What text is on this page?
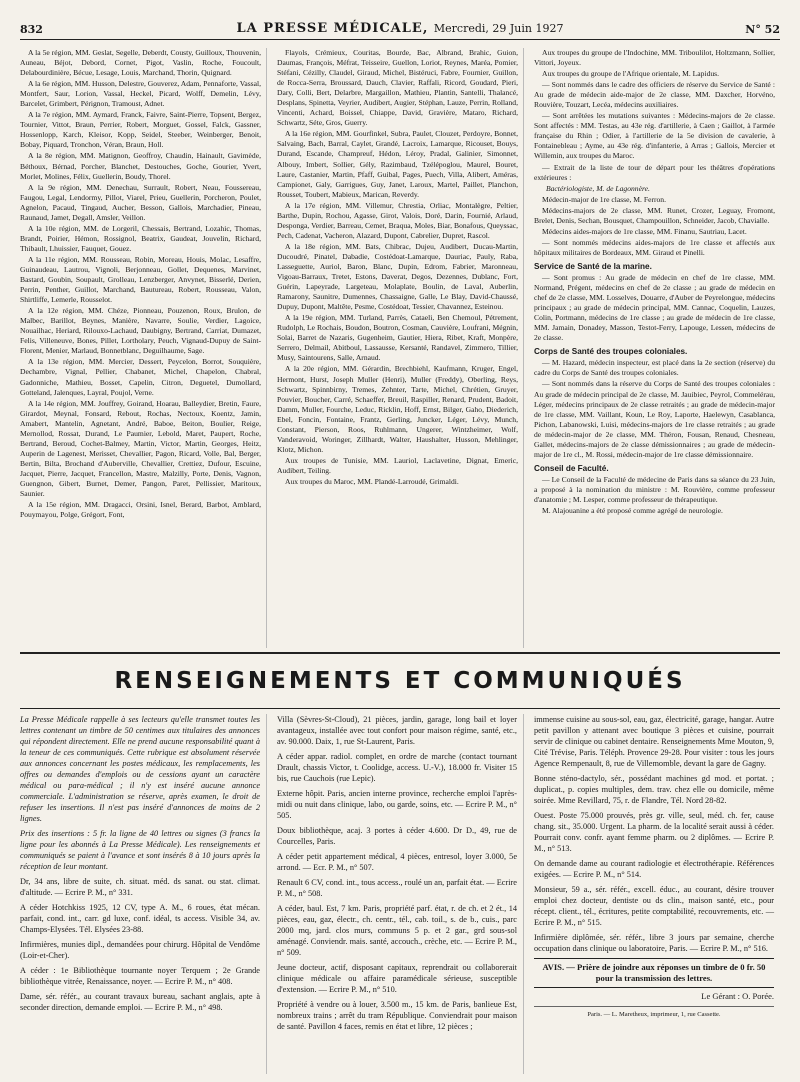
832	LA PRESSE MÉDICALE, Mercredi, 29 Juin 1927	N° 52

A la 5e région, MM. Geslat, Segelle, Deberdt, Cousty, Guilloux, Thouvenin, Auneau, Béjot, Debord, Cornet, Pigot, Vaslin, Roche, Foucoult, Delabourdinière, Bécue, Lesage, Louis, Marchand, Thorin, Quignard.

A la 6e région, MM. Husson, Delestre, Gouverez, Adam, Pennaforte, Vassal, Montfert, Saur, Lorion, Vassal, Heckel, Picard, Wolff, Demelin, Lévy, Barcelet, Grimbert, Pérignon, Tramoust, Adnet.

A la 7e région, MM. Aymard, Franck, Faivre, Saint-Pierre, Topsent, Bergez, Tournier, Vittot, Braun, Perrier, Robert, Morguet, Gossel, Falck, Gassner, Hossenlopp, Karch, Kleisor, Kopp, Seidel, Steeber, Weinberger, Benoit, Bobay, Piquard, Tronchon, Véran, Braun, Holl.

A la 8e région, MM. Matignon, Geoffroy, Chaudin, Hainault, Gavimède, Béthoux, Bérnad, Porcher, Blanchet, Destouches, Goche, Gourier, Yvert, Morlet, Molines, Félix, Guellerin, Boudy, Thorel.

A la 9e région, MM. Denechau, Surrault, Robert, Neau, Foussereau, Faugou, Legal, Lendormy, Pillot, Viarel, Prieu, Guellerin, Porcheron, Poulet, Agnelon, Pacaud, Tingaud, Aucher, Besson, Gallois, Marchadier, Pineau, Raunaud, Jamet, Degall, Amsler, Veillon.

A la 10e région, MM. de Lorgeril, Chessais, Bertrand, Lozahic, Thomas, Brandt, Poirier, Hémon, Rossignol, Beatrix, Gaudeat, Jouvelin, Richard, Thibault, Lhuissier, Fauquet, Gouez.

A la 11e région, MM. Rousseau, Robin, Moreau, Houis, Molac, Lesaffre, Guinaudeau, Lautrou, Vignoli, Berjonneau, Gollet, Dequenes, Marvinet, Bastard, Goubin, Soupault, Grolleau, Lenzberger, Anvynet, Bisserlé, Derien, Perrin, Penther, Guillot, Marchand, Bautureau, Robert, Rousseau, Valon, Shirtliffe, Lemerle, Rousselot.

A la 12e région, MM. Chéze, Pionneau, Pouzenon, Roux, Brulon, de Malbec, Barillot, Beynes, Manière, Navarre, Soulie, Verdier, Lagoice, Nouailhac, Heriard, Rilouxo-Lachaud, Daubigny, Bertrand, Carriat, Dumazet, Felis, Villeneuve, Bones, Pillet, Lortholary, Peuch, Vignaud-Dupuy de Saint-Florent, Menier, Marlaud, Bonnetblanc, Deguilhaume, Sage.

A la 13e région, MM. Mercier, Dessert, Peycelon, Borrot, Souquière, Dechambre, Vignal, Pellier, Chabanet, Michel, Chapelon, Chabral, Gadonniche, Mathieu, Bosset, Capelin, Citron, Deguetel, Dumollard, Gotteland, Jalenques, Layral, Poujol, Verne.

A la 14e région, MM. Jouffrey, Goirand, Hoarau, Balleydier, Bretin, Faure, Girardot, Meynal, Fonsard, Rebout, Rochas, Nectoux, Koentz, Jamin, Amabert, Mantelin, Agnetant, André, Baboe, Beiton, Boulier, Reige, Mernollod, Rossat, Durand, Le Paumier, Lebold, Maret, Paupert, Roche, Bertrand, Beroud, Cochet-Balmey, Martin, Victor, Martin, Georges, Heitz, Auperin de Lagenest, Merisset, Chevallier, Pagon, Ricard, Volle, Bal, Berger, Bertin, Bilta, Brochand d'Auberville, Chevallier, Crettiez, Dufour, Escuine, Jacquet, Pierre, Jacquet, Francellon, Mastre, Malzilly, Porte, Denis, Vagnon, Guengnon, Gibert, Burnet, Demer, Pangon, Paret, Pellissier, Maritoux, Saunier.

A la 15e région, MM. Dragacci, Orsini, Isnel, Berard, Barbot, Amblard, Pouymayou, Polge, Grégort, Font,

Flayols, Crémieux, Couritas, Bourde, Bac, Albrand, Brahic, Guion, Daumas, François, Méfrat, Teisseire, Guellon, Loriot, Reynes, Maréa, Pomier, Stéfani, Cézilly, Claudel, Giraud, Michel, Bistéruci, Fabre, Fournier, Guillon, de Rocca-Serra, Broussard, Dauch, Clavier, Raffali, Ricord, Goudard, Pieri, Dary, Colli, Bert, Delarbre, Margaillon, Mathieu, Plantin, Santelli, Thalancé, Desplans, Spinetta, Veyrier, Audibert, Augier, Stéphan, Lauze, Perrin, Rolland, Vincenti, Achard, Boissel, Chiappe, David, Gravière, Mataro, Richard, Schwartz, Séte, Gros, Guerry.

A la 16e région, MM. Gourfinkel, Subra, Paulet, Clouzet, Perdoyre, Bonnet, Salvaing, Bach, Barral, Caylet, Grandé, Lacroix, Lamarque, Ricouset, Bouys, Durand, Escande, Champreuf, Hédon, Léroy, Pradal, Galinier, Simonnet, Albouy, Imbert, Sollier, Gély, Razimbaud, Tzélépoglou, Maurel, Bouret, Laure, Castanier, Martin, Pfaff, Guibal, Pages, Puech, Villa, Alibert, Améras, Campionet, Galy, Garrigues, Guy, Janet, Laroux, Martel, Paillet, Planchon, Rousset, Toubert, Mabieux, Marican, Reverdy.

A la 17e région, MM. Villemur, Chrestia, Orliac, Montalègre, Peltier, Barthe, Dupin, Rochou, Agasse, Girot, Valois, Doré, Darin, Fournié, Arlaud, Desponga, Verdier, Barreau, Cemet, Braqua, Moles, Biar, Bonafous, Queyssac, Pech, Cadenat, Vacheron, Alazard, Dupont, Cabrelier, Dupret, Rascol.

A la 18e région, MM. Bats, Chibrac, Dujeu, Audibert, Ducau-Martin, Ducoudré, Pinatel, Dabadie, Costédoat-Lamarque, Dauriac, Pauly, Raba, Lasseguette, Auriol, Baron, Blanc, Dupin, Edrom, Fabrier, Maronneau, Vigoau-Barraux, Tretet, Estons, Daverat, Degos, Dezennes, Dublanc, Fort, Guérin, Lapeyrade, Largeteau, Molaplate, Boulin, de Laval, Auberlin, Ramarony, Saunitre, Dumennes, Chassaigne, Galle, Le Blay, David-Chaussé, Dupuy, Dupont, Maltête, Pesme, Costédoat, Tessier, Chavannez, Esteinou.

A la 19e région, MM. Turland, Parrès, Cataeli, Ben Chemoul, Pétrement, Rudolph, Le Rochais, Boudon, Boutron, Cosman, Cauvière, Loufrani, Mégnin, Solai, Barret de Nazaris, Gugenheim, Gautier, Hiera, Ribet, Kraft, Monpère, Serrero, Delmail, Abitboul, Lassausse, Kersanté, Randavel, Zimmero, Tillier, Musy, Saintourens, Salle, Arnaud.

A la 20e région, MM. Gérardin, Brechbiehl, Kaufmann, Kruger, Engel, Hermont, Hurst, Joseph Muller (Henri), Muller (Freddy), Oberling, Reys, Schwartz, Spinnbirny, Tremes, Zehnter, Tarte, Michel, Chrétien, Gruyer, Pouvier, Boucher, Carré, Schaeffer, Breuil, Raspiller, Renard, Prudent, Badoit, Damm, Muller, Fourche, Leduc, Ricklin, Hoff, Ernst, Bilger, Gaho, Diederich, Ebel, Foncin, Fontaine, Frantz, Gerling, Juncker, Léger, Lévy, Munch, Constant, Pierson, Roos, Ruhlmann, Ungerer, Wintzheimer, Wolf, Vanderavoid, Woringer, Zillhardt, Walter, Haushalter, Husson, Mehlinger, Klotz, Michon.

Aux troupes de Tunisie, MM. Lauriol, Laclavetine, Dignat, Emeric, Audibert, Teiling.

Aux troupes du Maroc, MM. Plandé-Larroudé, Grimaldi.

Aux troupes du groupe de l'Indochine, MM. Triboulilot, Holtzmann, Sollier, Vittori, Joyeux.

Aux troupes du groupe de l'Afrique orientale, M. Lapidus.

— Sont nommés dans le cadre des officiers de réserve du Service de Santé : Au grade de médecin aide-major de 2e classe, MM. Daxcher, Horvéno, Rouvière, Touzart, Lecéa, médecins auxiliaires.

— Sont arrêtées les mutations suivantes : Médecins-majors de 2e classe. Sont affectés : MM. Testas, au 43e rég. d'artillerie, à Caen ; Gaillot, à l'armée française du Rhin ; Odier, à l'artillerie de la 5e division de cavalerie, à Fontainebleau ; Ayme, au 43e rég. d'infanterie, à Arras ; Gallois, Mercier et Willemin, aux troupes du Maroc.

— Extrait de la liste de tour de départ pour les théâtres d'opérations extérieures :

Bactériologiste, M. de Lagonnère.

Médecin-major de 1re classe, M. Ferron.

Médecins-majors de 2e classe, MM. Runet, Crozer, Leguay, Fromont, Brelet, Denis, Sechan, Bousquet, Champouillon, Schneider, Jacob, Chavialle.

Médecins aides-majors de 1re classe, MM. Finanu, Sautriau, Lacet.

— Sont nommés médecins aides-majors de 1re classe et affectés aux hôpitaux militaires de Bordeaux, MM. Giraud et Pinelli.

Service de Santé de la marine.

— Sont promus : Au grade de médecin en chef de 1re classe, MM. Normand, Prégent, médecins en chef de 2e classe ; au grade de médecin en chef de 2e classe, MM. Losselves, Douarre, d'Auber de Peyrelongue, médecins principaux ; au grade de médecin principal, MM. Cannac, Coquelin, Lauzes, Colin, Portmann, médecins de 1re classe ; au grade de médecin de 1re classe, MM. Jamain, Donadey, Masson, Testot-Ferry, Lapouge, Lessen, médecins de 2e classe.

Corps de Santé des troupes coloniales.

— M. Hazard, médecin inspecteur, est placé dans la 2e section (réserve) du cadre du Corps de Santé des troupes coloniales.

— Sont nommés dans la réserve du Corps de Santé des troupes coloniales : Au grade de médecin principal de 2e classe, M. Jauibiec, Peyrol, Commelérau, Léger, médecins principaux de 2e classe retraités ; au grade de médecin-major de 1re classe, MM. Vaillant, Koun, Le Roy, Laporte, Haelewyn, Casablanca, Pichon, Labanowski, Luisi, médecins-majors de 1re classe retraités ; au grade de médecin-major de 2e classe, MM. Théron, Fousan, Renaud, Chesneau, Gallet, médecins-majors de 2e classe démissionnaires ; au grade de médecin-major de 1re cl., M. Rossi, médecin-major de 1re classe démissionnaire.

Conseil de Faculté.

— Le Conseil de la Faculté de médecine de Paris dans sa séance du 23 Juin, a proposé à la nomination du ministre : M. Rouvière, comme professeur d'anatomie ; M. Lesper, comme professeur de thérapeutique.

M. Alajouanine a été proposé comme agrégé de neurologie.

RENSEIGNEMENTS ET COMMUNIQUÉS

La Presse Médicale rappelle à ses lecteurs qu'elle transmet toutes les lettres contenant un timbre de 50 centimes aux titulaires des annonces qui répondent directement. Elle ne prend aucune responsabilité quant à la teneur de ces communiqués. Cette rubrique est absolument réservée aux annonces concernant les postes médicaux, les remplacements, les offres ou demandes d'emplois ou de cessions ayant un caractère médical ou para-médical ; il n'y est inséré aucune annonce commerciale. L'administration se réserve, après examen, le droit de refuser les insertions. Il n'est pas inséré d'annonces de moins de 2 lignes.

Prix des insertions : 5 fr. la ligne de 40 lettres ou signes (3 francs la ligne pour les abonnés à La Presse Médicale). Les renseignements et communiqués se paient à l'avance et sont insérés 8 à 10 jours après la réception de leur montant.

Dr, 34 ans, libre de suite, ch. situat. méd. ds sanat. ou stat. climat. d'altitude. — Ecrire P. M., n° 331.

A céder Hotchkiss 1925, 12 CV, type A. M., 6 roues, état mécan. parfait, cond. int., carr. gd luxe, conf. idéal, ts access. Visible 34, av. Champs-Elysées. Tél. Elysées 23-88.

Infirmières, munies dipl., demandées pour chirurg. Hôpital de Vendôme (Loir-et-Cher).

A céder : 1e Bibliothèque tournante noyer Terquem ; 2e Grande bibliothèque vitrée, Renaissance, noyer. — Ecrire P. M., n° 408.

Dame, sér. référ., au courant travaux bureau, sachant anglais, apte à seconder direction, demande emploi. — Ecrire P. M., n° 498.

Villa (Sèvres-St-Cloud), 21 pièces, jardin, garage, long bail et loyer avantageux, installée avec tout confort pour maison régime, santé, etc., av. 90.000. Daix, 1, rue St-Laurent, Paris.

A céder appar. radiol. complet, en ordre de marche (contact tournant Drault, chassis Victor, t. Coolidge, access. U.-V.), 18.000 fr. Visiter 15 bis, rue Cauchois (rue Lepic).

Externe hôpit. Paris, ancien interne province, recherche emploi l'après-midi ou nuit dans clinique, labo, ou garde, soins, etc. — Ecrire P. M., n° 505.

Doux bibliothèque, acaj. 3 portes à céder 4.600. Dr D., 49, rue de Courcelles, Paris.

A céder petit appartement médical, 4 pièces, entresol, loyer 3.000, 5e arrond. — Ecr. P. M., n° 507.

Renault 6 CV, cond. int., tous access., roulé un an, parfait état. — Ecrire P. M., n° 508.

A céder, baul. Est, 7 km. Paris, propriété parf. état, r. de ch. et 2 ét., 14 pièces, eau, gaz, électr., ch. centr., tél., cab. toil., s. de b., cuis., parc 2000 mq, jard. clos murs, communs 5 p. et 2 gar., grd sous-sol aménagé. Conviendr. mais. santé, accouch., crèche, etc. — Ecrire P. M., n° 509.

Jeune docteur, actif, disposant capitaux, reprendrait ou collaborerait clinique médicale ou affaire paramédicale sérieuse, susceptible d'extension. — Ecrire P. M., n° 510.

Propriété à vendre ou à louer, 3.500 m., 15 km. de Paris, banlieue Est, nombreux trains ; arrêt du tram République. Conviendrait pour maison de santé. Pavillon 4 faces, remis en état et libre, 12 pièces ;

immense cuisine au sous-sol, eau, gaz, électricité, garage, hangar. Autre petit pavillon y attenant avec boutique 3 pièces et cuisine, pourrait servir de clinique ou cabinet dentaire. Renseignements Mme Mouton, 9, Cité Trévise, Paris. Téléph. Provence 29-28. Pour visiter : tous les jours Agence Rempenault, 8, rue de Villemomble, devant la gare de Gagny.

Bonne sténo-dactylo, sér., possédant machines gd mod. et portat. ; duplicat., p. copies multiples, dem. trav. chez elle ou domicile, même soirée. Mme Revillard, 75, r. de Flandre, Tél. Nord 28-82.

Ouest. Poste 75.000 prouvés, près gr. ville, seul, méd. ch. fer, cause chang. sit., 35.000. Urgent. La pharm. de la localité serait aussi à céder. Pourrait conv. confr. ayant femme pharm. ou 2 diplômes. — Ecrire P. M., n° 513.

On demande dame au courant radiologie et électrothérapie. Références exigées. — Ecrire P. M., n° 514.

Monsieur, 59 a., sér. référ., excell. éduc., au courant, désire trouver emploi chez docteur, dentiste ou ds clin., maison santé, etc., pour récept. client., tél., écritures, petite comptabilité, recouvrements, etc. — Ecrire P. M., n° 515.

Infirmière diplômée, sér. référ., libre 3 jours par semaine, cherche occupation dans clinique ou laboratoire, Paris. — Ecrire P. M., n° 516.

AVIS. — Prière de joindre aux réponses un timbre de 0 fr. 50 pour la transmission des lettres.
Le Gérant : O. Porée.
Paris. — L. Maretheux, imprimeur, 1, rue Cassette.
